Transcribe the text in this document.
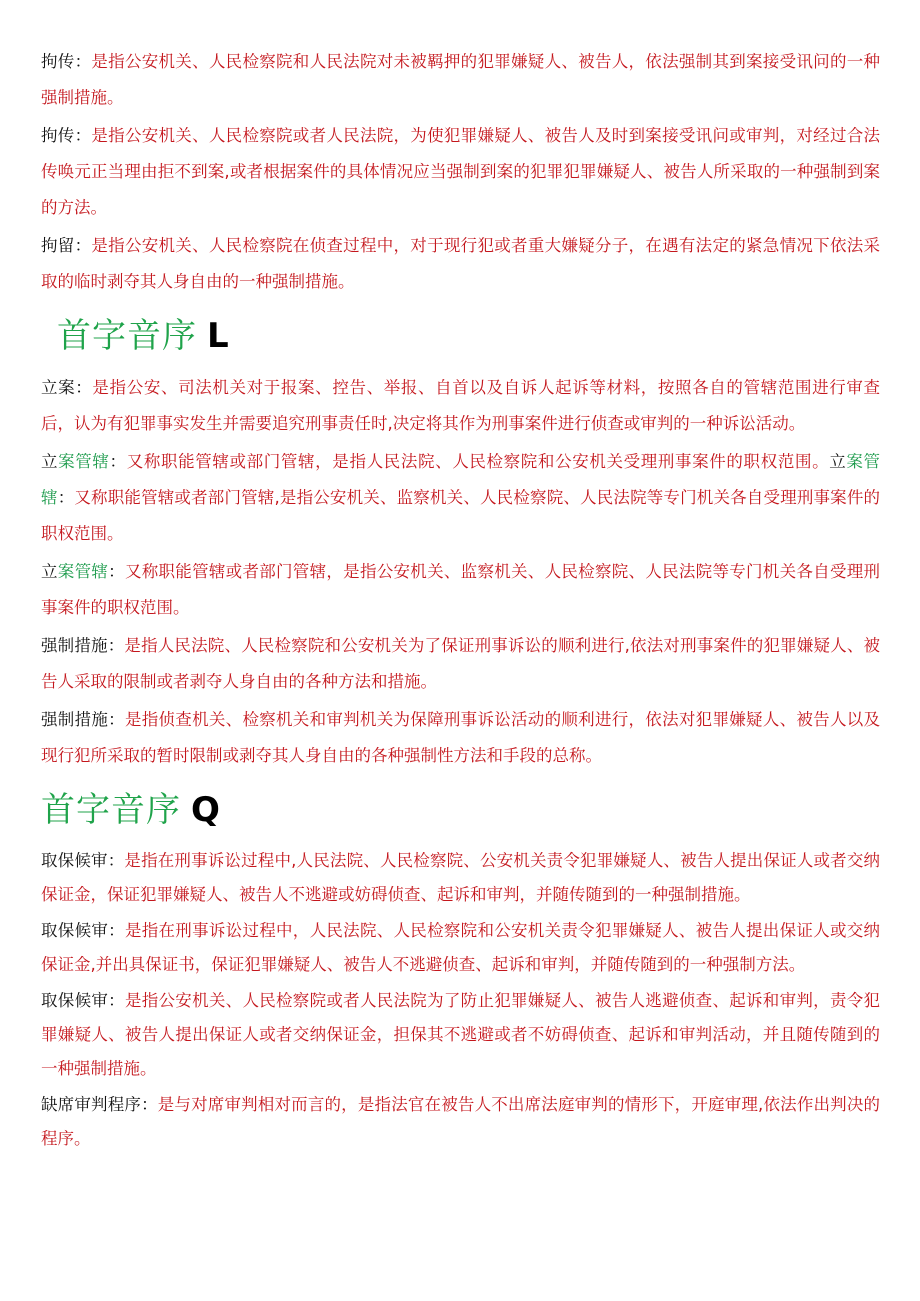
拘传：是指公安机关、人民检察院和人民法院对未被羁押的犯罪嫌疑人、被告人，依法强制其到案接受讯问的一种强制措施。

拘传：是指公安机关、人民检察院或者人民法院，为使犯罪嫌疑人、被告人及时到案接受讯问或审判，对经过合法传唤元正当理由拒不到案,或者根据案件的具体情况应当强制到案的犯罪犯罪嫌疑人、被告人所采取的一种强制到案的方法。

拘留：是指公安机关、人民检察院在侦查过程中，对于现行犯或者重大嫌疑分子，在遇有法定的紧急情况下依法采取的临时剥夺其人身自由的一种强制措施。

首字音序 L

立案：是指公安、司法机关对于报案、控告、举报、自首以及自诉人起诉等材料，按照各自的管辖范围进行审查后，认为有犯罪事实发生并需要追究刑事责任时,决定将其作为刑事案件进行侦查或审判的一种诉讼活动。

立案管辖：又称职能管辖或部门管辖，是指人民法院、人民检察院和公安机关受理刑事案件的职权范围。立案管辖：又称职能管辖或者部门管辖,是指公安机关、监察机关、人民检察院、人民法院等专门机关各自受理刑事案件的职权范围。

立案管辖：又称职能管辖或者部门管辖，是指公安机关、监察机关、人民检察院、人民法院等专门机关各自受理刑事案件的职权范围。

强制措施：是指人民法院、人民检察院和公安机关为了保证刑事诉讼的顺利进行,依法对刑事案件的犯罪嫌疑人、被告人采取的限制或者剥夺人身自由的各种方法和措施。

强制措施：是指侦查机关、检察机关和审判机关为保障刑事诉讼活动的顺利进行，依法对犯罪嫌疑人、被告人以及现行犯所采取的暂时限制或剥夺其人身自由的各种强制性方法和手段的总称。

首字音序 Q

取保候审：是指在刑事诉讼过程中,人民法院、人民检察院、公安机关责令犯罪嫌疑人、被告人提出保证人或者交纳保证金，保证犯罪嫌疑人、被告人不逃避或妨碍侦查、起诉和审判，并随传随到的一种强制措施。

取保候审：是指在刑事诉讼过程中，人民法院、人民检察院和公安机关责令犯罪嫌疑人、被告人提出保证人或交纳保证金,并出具保证书，保证犯罪嫌疑人、被告人不逃避侦查、起诉和审判，并随传随到的一种强制方法。

取保候审：是指公安机关、人民检察院或者人民法院为了防止犯罪嫌疑人、被告人逃避侦查、起诉和审判，责令犯罪嫌疑人、被告人提出保证人或者交纳保证金，担保其不逃避或者不妨碍侦查、起诉和审判活动，并且随传随到的一种强制措施。

缺席审判程序：是与对席审判相对而言的，是指法官在被告人不出席法庭审判的情形下，开庭审理,依法作出判决的程序。
